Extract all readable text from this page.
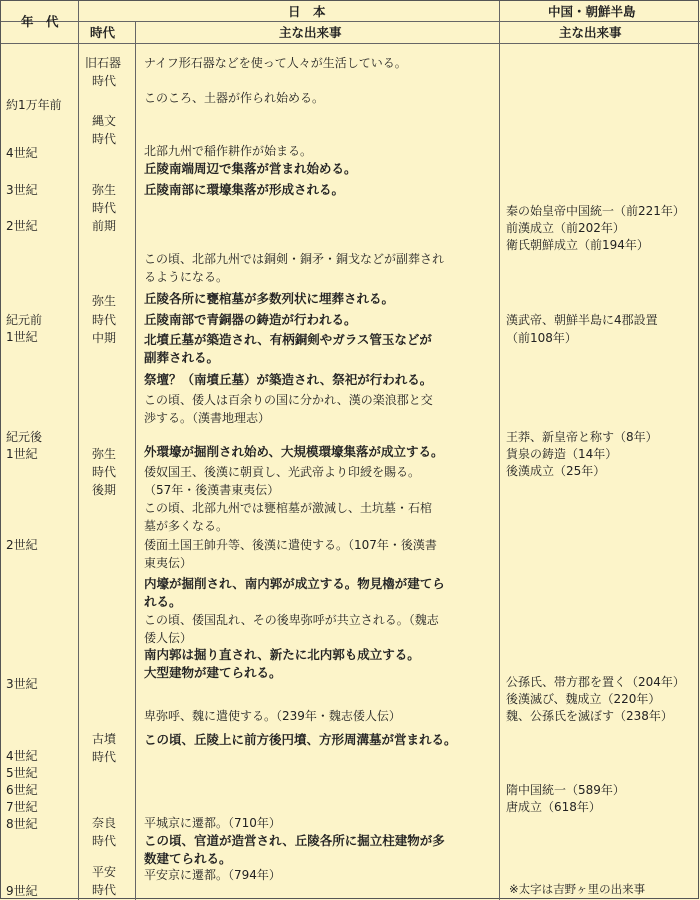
年　代
日　本
時代	主な出来事
中国・朝鮮半島
主な出来事
約1万年前
4世紀
3世紀
2世紀
紀元前
1世紀
紀元後
1世紀
2世紀
3世紀
4世紀
5世紀
6世紀
7世紀
8世紀
9世紀
旧石器
時代
縄文
時代
弥生
時代
前期
弥生
時代
中期
弥生
時代
後期
古墳
時代
奈良
時代
平安
時代
ナイフ形石器などを使って人々が生活している。
このころ、土器が作られ始める。
北部九州で稲作耕作が始まる。
丘陵南端周辺で集落が営まれ始める。
丘陵南部に環壕集落が形成される。
この頃、北部九州では銅剣・銅矛・銅戈などが副葬され
るようになる。
丘陵各所に甕棺墓が多数列状に埋葬される。
丘陵南部で青銅器の鋳造が行われる。
北墳丘墓が築造され、有柄銅剣やガラス管玉などが
副葬される。
祭壇？（南墳丘墓）が築造され、祭祀が行われる。
この頃、倭人は百余りの国に分かれ、漢の楽浪郡と交
渉する。（漢書地理志）
外環壕が掘削され始め、大規模環壕集落が成立する。
倭奴国王、後漢に朝貢し、光武帝より印綬を賜る。
（57年・後漢書東夷伝）
この頃、北部九州では甕棺墓が激減し、土坑墓・石棺
墓が多くなる。
倭面土国王帥升等、後漢に遣使する。（107年・後漢書
東夷伝）
内壕が掘削され、南内郭が成立する。物見櫓が建てら
れる。
この頃、倭国乱れ、その後卑弥呼が共立される。（魏志
倭人伝）
南内郭は掘り直され、新たに北内郭も成立する。
大型建物が建てられる。
卑弥呼、魏に遣使する。（239年・魏志倭人伝）
この頃、丘陵上に前方後円墳、方形周溝墓が営まれる。
平城京に遷都。（710年）
この頃、官道が造営され、丘陵各所に掘立柱建物が多
数建てられる。
平安京に遷都。（794年）
秦の始皇帝中国統一（前221年）
前漢成立（前202年）
衛氏朝鮮成立（前194年）
漢武帝、朝鮮半島に4郡設置
（前108年）
王莽、新皇帝と称す（8年）
貨泉の鋳造（14年）
後漢成立（25年）
公孫氏、帯方郡を置く（204年）
後漢滅び、魏成立（220年）
魏、公孫氏を滅ぼす（238年）
隋中国統一（589年）
唐成立（618年）
※太字は吉野ヶ里の出来事
